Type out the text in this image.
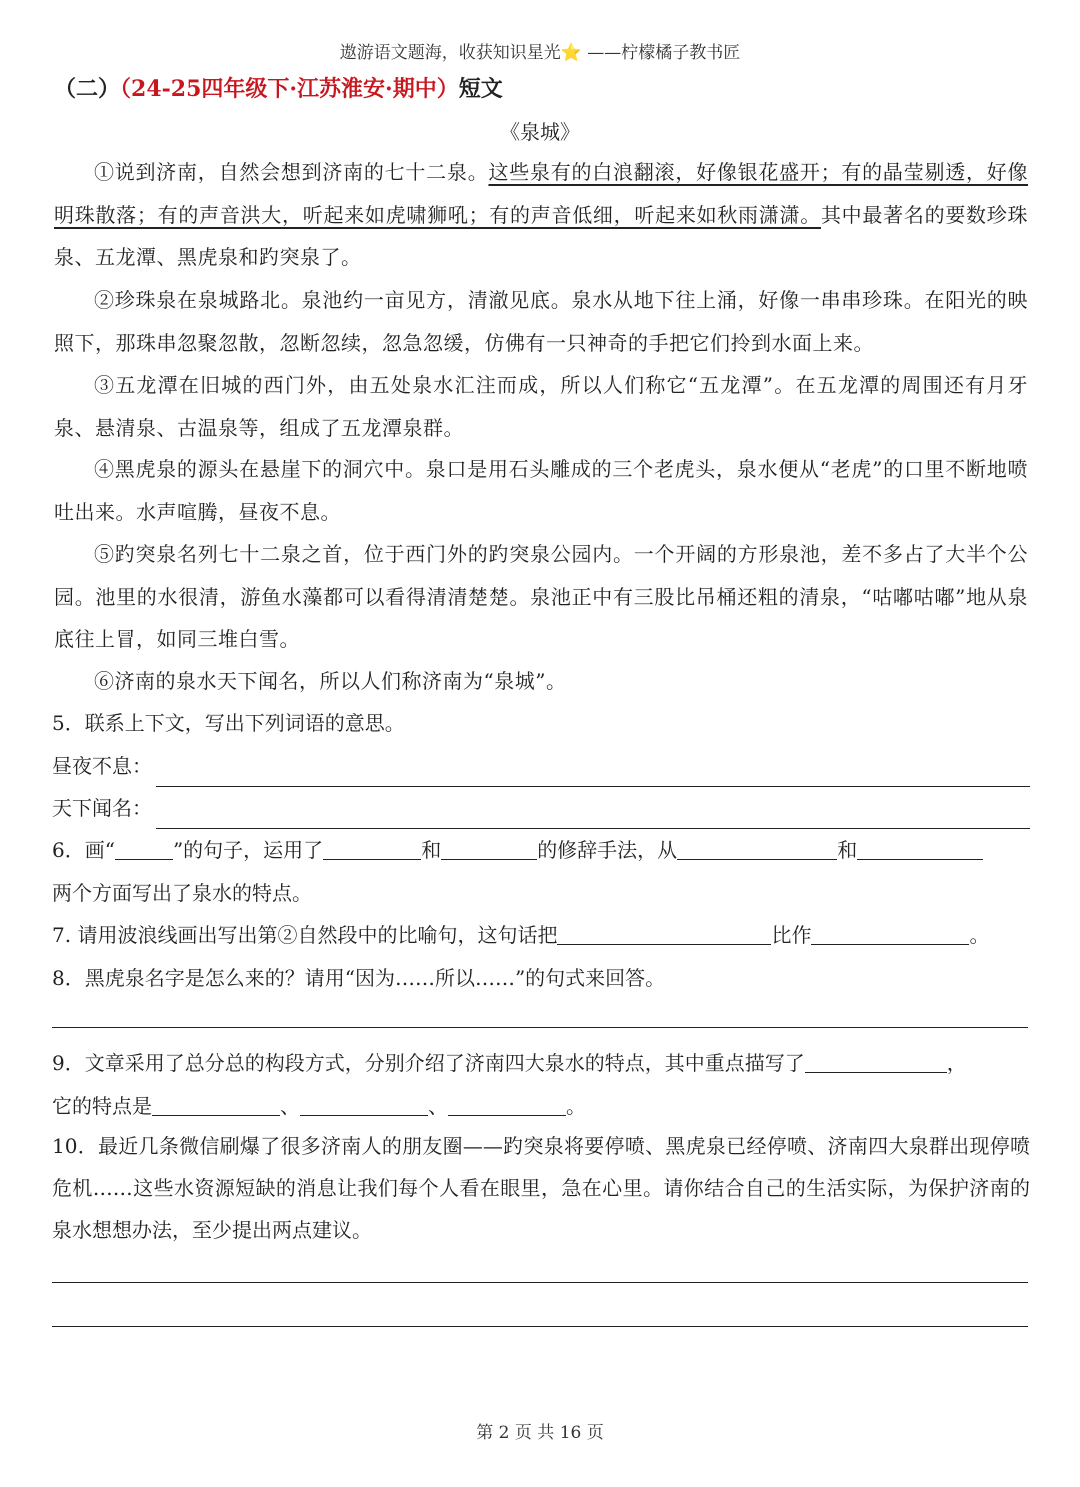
遨游语文题海，收获知识星光⭐ ——柠檬橘子教书匠
（二）（24-25四年级下·江苏淮安·期中）短文
《泉城》
①说到济南，自然会想到济南的七十二泉。这些泉有的白浪翻滚，好像银花盛开；有的晶莹剔透，好像明珠散落；有的声音洪大，听起来如虎啸狮吼；有的声音低细，听起来如秋雨潇潇。其中最著名的要数珍珠泉、五龙潭、黑虎泉和趵突泉了。
②珍珠泉在泉城路北。泉池约一亩见方，清澈见底。泉水从地下往上涌，好像一串串珍珠。在阳光的映照下，那珠串忽聚忽散，忽断忽续，忽急忽缓，仿佛有一只神奇的手把它们拎到水面上来。
③五龙潭在旧城的西门外，由五处泉水汇注而成，所以人们称它“五龙潭”。在五龙潭的周围还有月牙泉、悬清泉、古温泉等，组成了五龙潭泉群。
④黑虎泉的源头在悬崖下的洞穴中。泉口是用石头雕成的三个老虎头，泉水便从“老虎”的口里不断地喷吐出来。水声喧腾，昼夜不息。
⑤趵突泉名列七十二泉之首，位于西门外的趵突泉公园内。一个开阔的方形泉池，差不多占了大半个公园。池里的水很清，游鱼水藻都可以看得清清楚楚。泉池正中有三股比吊桶还粗的清泉，“咕嘟咕嘟”地从泉底往上冒，如同三堆白雪。
⑥济南的泉水天下闻名，所以人们称济南为“泉城”。
5．联系上下文，写出下列词语的意思。
昼夜不息：
天下闻名：
6．画“	”的句子，运用了	和	的修辞手法，从	和
两个方面写出了泉水的特点。
7. 请用波浪线画出写出第②自然段中的比喻句，这句话把	比作	。
8．黑虎泉名字是怎么来的？请用“因为……所以……”的句式来回答。
9．文章采用了总分总的构段方式，分别介绍了济南四大泉水的特点，其中重点描写了	，
它的特点是	、	、	。
10．最近几条微信刷爆了很多济南人的朋友圈——趵突泉将要停喷、黑虎泉已经停喷、济南四大泉群出现停喷危机……这些水资源短缺的消息让我们每个人看在眼里，急在心里。请你结合自己的生活实际，为保护济南的泉水想想办法，至少提出两点建议。
第 2 页 共 16 页
